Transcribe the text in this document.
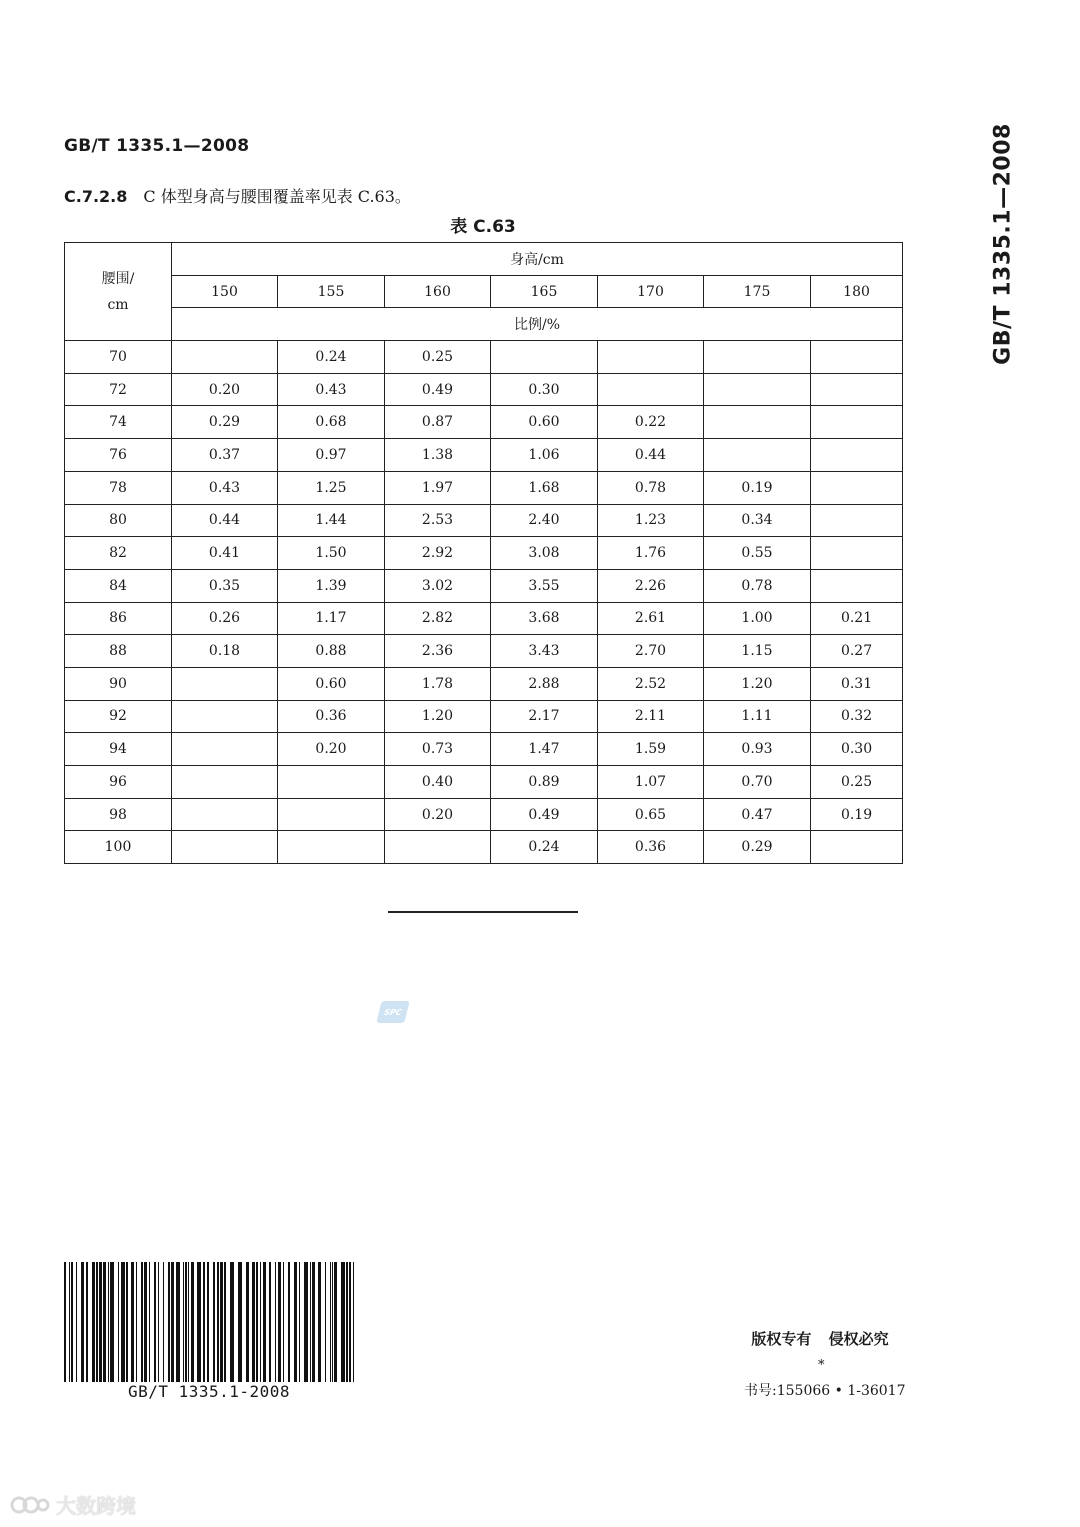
GB/T 1335.1—2008	GB/T 1335.1—2008
C.7.2.8 C 体型身高与腰围覆盖率见表 C.63。
表 C.63
腰围/
cm	身高/cm						
	150	155	160	165	170	175	180
	比例/%						
70		0.24	0.25				
72	0.20	0.43	0.49	0.30			
74	0.29	0.68	0.87	0.60	0.22		
76	0.37	0.97	1.38	1.06	0.44		
78	0.43	1.25	1.97	1.68	0.78	0.19	
80	0.44	1.44	2.53	2.40	1.23	0.34	
82	0.41	1.50	2.92	3.08	1.76	0.55	
84	0.35	1.39	3.02	3.55	2.26	0.78	
86	0.26	1.17	2.82	3.68	2.61	1.00	0.21
88	0.18	0.88	2.36	3.43	2.70	1.15	0.27
90		0.60	1.78	2.88	2.52	1.20	0.31
92		0.36	1.20	2.17	2.11	1.11	0.32
94		0.20	0.73	1.47	1.59	0.93	0.30
96			0.40	0.89	1.07	0.70	0.25
98			0.20	0.49	0.65	0.47	0.19
100				0.24	0.36	0.29	
SPC
GB/T 1335.1-2008
版权专有 侵权必究
*
书号:155066 • 1-36017
大数跨境
